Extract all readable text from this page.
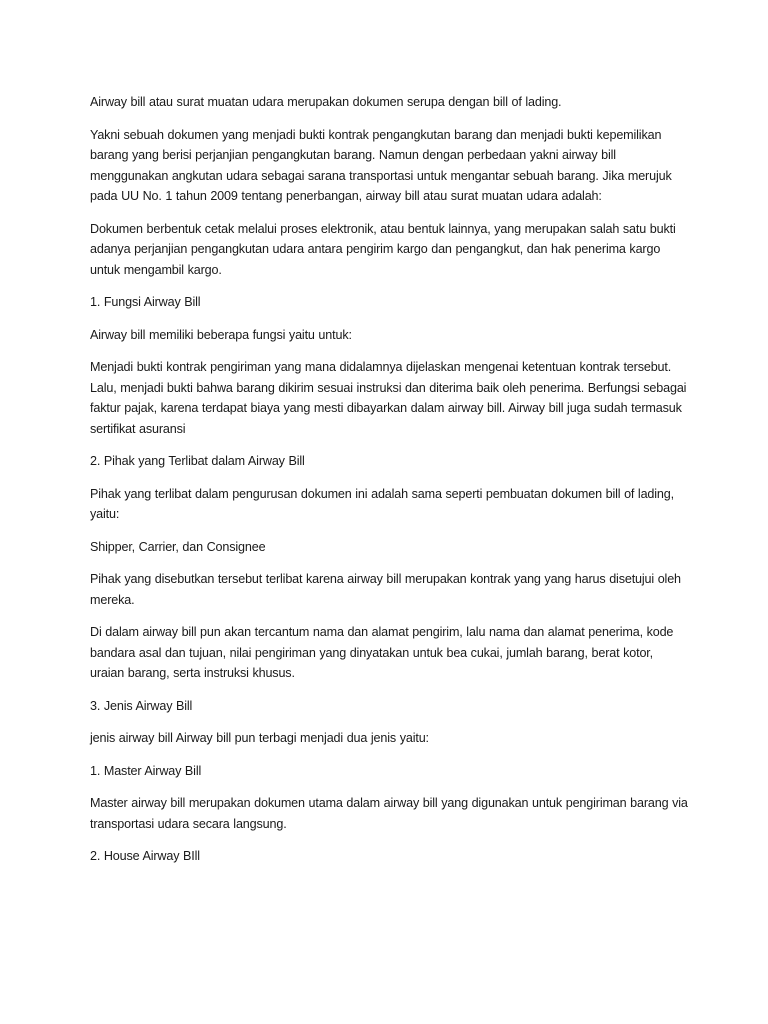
Airway bill atau surat muatan udara merupakan dokumen serupa dengan bill of lading.

Yakni sebuah dokumen yang menjadi bukti kontrak pengangkutan barang dan menjadi bukti kepemilikan barang yang berisi perjanjian pengangkutan barang. Namun dengan perbedaan yakni airway bill menggunakan angkutan udara sebagai sarana transportasi untuk mengantar sebuah barang. Jika merujuk pada UU No. 1 tahun 2009 tentang penerbangan, airway bill atau surat muatan udara adalah:

Dokumen berbentuk cetak melalui proses elektronik, atau bentuk lainnya, yang merupakan salah satu bukti adanya perjanjian pengangkutan udara antara pengirim kargo dan pengangkut, dan hak penerima kargo untuk mengambil kargo.

1. Fungsi Airway Bill

Airway bill memiliki beberapa fungsi yaitu untuk:

Menjadi bukti kontrak pengiriman yang mana didalamnya dijelaskan mengenai ketentuan kontrak tersebut. Lalu, menjadi bukti bahwa barang dikirim sesuai instruksi dan diterima baik oleh penerima. Berfungsi sebagai faktur pajak, karena terdapat biaya yang mesti dibayarkan dalam airway bill. Airway bill juga sudah termasuk sertifikat asuransi

2. Pihak yang Terlibat dalam Airway Bill

Pihak yang terlibat dalam pengurusan dokumen ini adalah sama seperti pembuatan dokumen bill of lading, yaitu:

Shipper, Carrier, dan Consignee

Pihak yang disebutkan tersebut terlibat karena airway bill merupakan kontrak yang yang harus disetujui oleh mereka.

Di dalam airway bill pun akan tercantum nama dan alamat pengirim, lalu nama dan alamat penerima, kode bandara asal dan tujuan, nilai pengiriman yang dinyatakan untuk bea cukai, jumlah barang, berat kotor, uraian barang, serta instruksi khusus.

3. Jenis Airway Bill

jenis airway bill Airway bill pun terbagi menjadi dua jenis yaitu:

1. Master Airway Bill

Master airway bill merupakan dokumen utama dalam airway bill yang digunakan untuk pengiriman barang via transportasi udara secara langsung.

2. House Airway BIll
